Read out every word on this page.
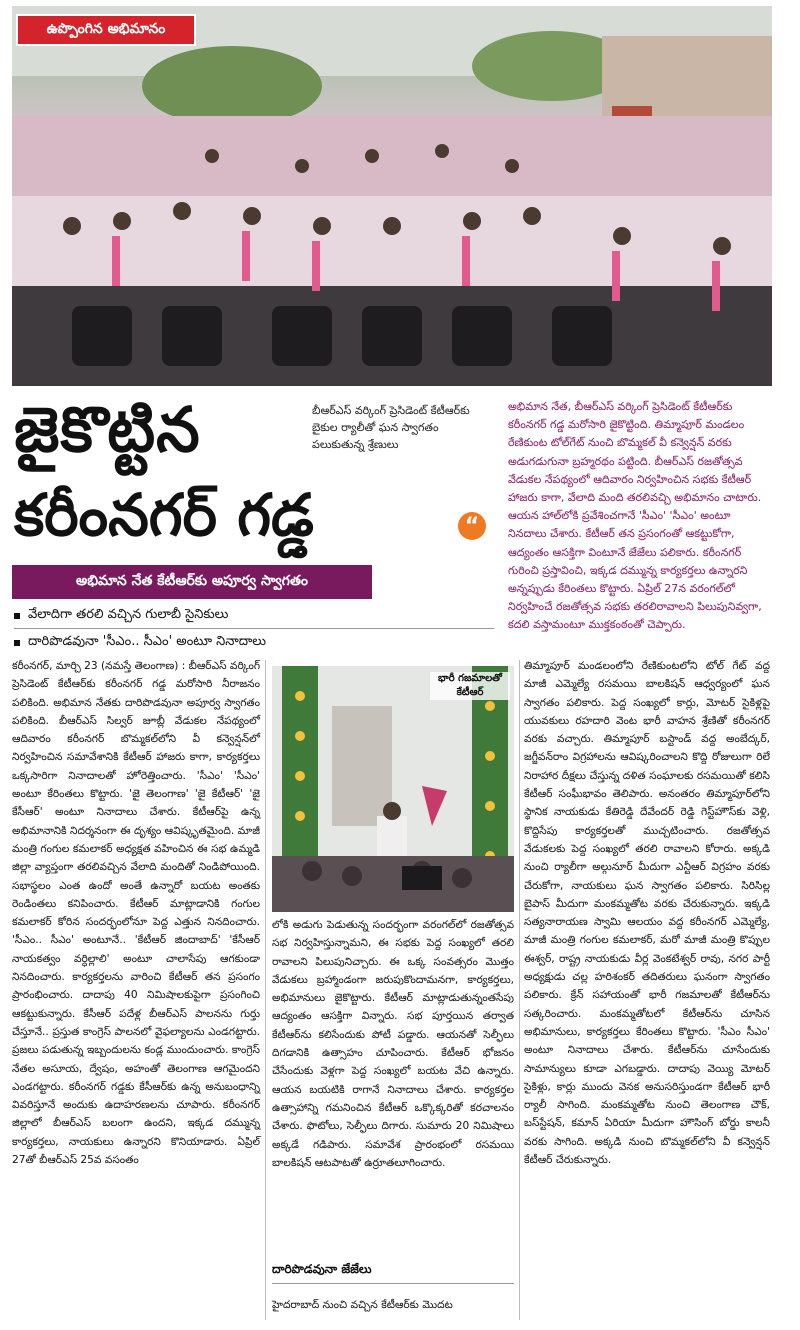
ఉప్పొంగిన అభిమానం
జైకొట్టిన
కరీంనగర్ గడ్డ
బీఆర్ఎస్ వర్కింగ్ ప్రెసిడెంట్ కేటీఆర్‌కు బైకుల ర్యాలీతో ఘన స్వాగతం పలుకుతున్న శ్రేణులు
“
అభిమాన నేత, బీఆర్ఎస్ వర్కింగ్ ప్రెసిడెంట్ కేటీఆర్‌కు కరీంనగర్ గడ్డ మరోసారి జైకొట్టింది. తిమ్మాపూర్ మండలం రేణికుంట టోల్‌గేట్ నుంచి బొమ్మకల్ వీ కన్వెన్షన్ వరకు అడుగడుగునా బ్రహ్మరథం పట్టింది. బీఆర్ఎస్ రజతోత్సవ వేడుకల నేపథ్యంలో ఆదివారం నిర్వహించిన సభకు కేటీఆర్ హాజరు కాగా, వేలాది మంది తరలివచ్చి అభిమానం చాటారు. ఆయన హాల్‌లోకి ప్రవేశించగానే 'సీఎం' 'సీఎం' అంటూ నినదాలు చేశారు. కేటీఆర్ తన ప్రసంగంతో ఆకట్టుకోగా, ఆద్యంతం ఆసక్తిగా వింటూనే జేజేలు పలికారు. కరీంనగర్ గురించి ప్రస్తావించి, ఇక్కడ దమ్మున్న కార్యకర్తలు ఉన్నారని అన్నప్పుడు కేరింతలు కొట్టారు. ఏప్రిల్ 27న వరంగల్‌లో నిర్వహించే రజతోత్సవ సభకు తరలిరావాలని పిలుపునివ్వగా, కదలి వస్తామంటూ ముక్తకంఠంతో చెప్పారు.
అభిమాన నేత కేటీఆర్‌కు అపూర్వ స్వాగతం
వేలాదిగా తరలి వచ్చిన గులాబీ సైనికులు
దారిపొడవునా 'సీఎం.. సీఎం' అంటూ నినాదాలు

కరీంనగర్, మార్చి 23 (నమస్తే తెలంగాణ) : బీఆర్ఎస్ వర్కింగ్ ప్రెసిడెంట్ కేటీఆర్‌కు కరీంనగర్ గడ్డ మరోసారి నీరాజనం పలికింది. అభిమాన నేతకు దారిపొడవునా అపూర్వ స్వాగతం పలికింది. బీఆర్ఎస్ సిల్వర్ జూబ్లీ వేడుకల నేపథ్యంలో ఆదివారం కరీంనగర్ బొమ్మకల్‌లోని వీ కన్వెన్షన్‌లో నిర్వహించిన సమావేశానికి కేటీఆర్ హాజరు కాగా, కార్యకర్తలు ఒక్కసారిగా నినాదాలతో హోరెత్తించారు. 'సీఎం' 'సీఎం' అంటూ కేరింతలు కొట్టారు. 'జై తెలంగాణ' 'జై కేటీఆర్' 'జై కేసీఆర్' అంటూ నినాదాలు చేశారు. కేటీఆర్‌పై ఉన్న అభిమానానికి నిదర్శనంగా ఈ దృశ్యం ఆవిష్కృతమైంది. మాజీ మంత్రి గంగుల కమలాకర్ అధ్యక్షత వహించిన ఈ సభ ఉమ్మడి జిల్లా వ్యాప్తంగా తరలివచ్చిన వేలాది మందితో నిండిపోయింది. సభాస్థలం ఎంత ఉందో అంతే ఉన్నారో బయట అంతకు రెండింతలు కనిపించారు. కేటీఆర్ మాట్లాడానికి గంగుల కమలాకర్ కోరిన సందర్భంలోనూ పెద్ద ఎత్తున నినదించారు. 'సీఎం.. సీఎం' అంటూనే.. 'కేటీఆర్ జిందాబాద్' 'కేసీఆర్ నాయకత్వం వర్ధిల్లాలి' అంటూ చాలాసేపు ఆగకుండా నినదించారు. కార్యకర్తలను వారించి కేటీఆర్ తన ప్రసంగం ప్రారంభించారు. దాదాపు 40 నిమిషాలకుపైగా ప్రసంగించి ఆకట్టుకున్నారు. కేసీఆర్ పదేళ్ల బీఆర్ఎస్ పాలనను గుర్తు చేస్తూనే.. ప్రస్తుత కాంగ్రెస్ పాలనలో వైఫల్యాలను ఎండగట్టారు. ప్రజలు పడుతున్న ఇబ్బందులను కండ్ల ముందుంచారు. కాంగ్రెస్ నేతల అసూయ, ద్వేషం, అహంతో తెలంగాణ ఆగమైందని ఎండగట్టారు. కరీంనగర్ గడ్డకు కేసీఆర్‌కు ఉన్న అనుబంధాన్ని వివరిస్తూనే అందుకు ఉదాహరణలను చూపారు. కరీంనగర్ జిల్లాలో బీఆర్ఎస్ బలంగా ఉందని, ఇక్కడ దమ్మున్న కార్యకర్తలు, నాయకులు ఉన్నారని కొనియాడారు. ఏప్రిల్ 27తో బీఆర్ఎస్ 25వ వసంతం

భారీ గజమాలతో కేటీఆర్

లోకి అడుగు పెడుతున్న సందర్భంగా వరంగల్‌లో రజతోత్సవ సభ నిర్వహిస్తున్నామని, ఈ సభకు పెద్ద సంఖ్యలో తరలి రావాలని పిలుపునిచ్చారు. ఈ ఒక్క సంవత్సరం మొత్తం వేడుకలు బ్రహ్మాండంగా జరుపుకొందామనగా, కార్యకర్తలు, అభిమానులు జైకొట్టారు. కేటీఆర్ మాట్లాడుతున్నంతసేపు ఆద్యంతం ఆసక్తిగా విన్నారు. సభ పూర్తయిన తర్వాత కేటీఆర్‌ను కలిసేందుకు పోటీ పడ్డారు. ఆయనతో సెల్ఫీలు దిగడానికి ఉత్సాహం చూపించారు. కేటీఆర్ భోజనం చేసేందుకు వెళ్లగా పెద్ద సంఖ్యలో బయట వేచి ఉన్నారు. ఆయన బయటికి రాగానే నినాదాలు చేశారు. కార్యకర్తల ఉత్సాహాన్ని గమనించిన కేటీఆర్ ఒక్కొక్కరితో కరచాలనం చేశారు. ఫొటోలు, సెల్ఫీలు దిగారు. సుమారు 20 నిమిషాలు అక్కడే గడిపారు. సమావేశ ప్రారంభంలో రసమయి బాలకిషన్ ఆటపాటతో ఉర్రూతలూగించారు.

దారిపొడవునా జేజేలు

హైదరాబాద్ నుంచి వచ్చిన కేటీఆర్‌కు మొదట

తిమ్మాపూర్ మండలంలోని రేణికుంటలోని టోల్ గేట్ వద్ద మాజీ ఎమ్మెల్యే రసమయి బాలకిషన్ ఆధ్వర్యంలో ఘన స్వాగతం పలికారు. పెద్ద సంఖ్యలో కార్లు, మోటర్ సైకిళ్లపై యువకులు రహదారి వెంట భారీ వాహన శ్రేణితో కరీంనగర్ వరకు వచ్చారు. తిమ్మాపూర్ బస్టాండ్ వద్ద అంబేద్కర్, జగ్జీవన్‌రాం విగ్రహాలను ఆవిష్కరించాలని కొద్ది రోజులుగా రిలే నిరాహార దీక్షలు చేస్తున్న దళిత సంఘాలకు రసమయితో కలిసి కేటీఆర్ సంఘీభావం తెలిపారు. అనంతరం తిమ్మాపూర్‌లోని స్థానిక నాయకుడు కేతిరెడ్డి దేవేందర్ రెడ్డి గెస్ట్‌హౌస్‌కు వెళ్లి, కొద్దిసేపు కార్యకర్తలతో ముచ్చటించారు. రజతోత్సవ వేడుకలకు పెద్ద సంఖ్యలో తరలి రావాలని కోరారు. అక్కడి నుంచి ర్యాలీగా అల్గునూర్ మీదుగా ఎన్టీఆర్ విగ్రహం వరకు చేరుకోగా, నాయకులు ఘన స్వాగతం పలికారు. సిరిసిల్ల బైపాస్ మీదుగా మంకమ్మతోట వరకు చేరుకున్నారు. ఇక్కడి సత్యనారాయణ స్వామి ఆలయం వద్ద కరీంనగర్ ఎమ్మెల్యే, మాజీ మంత్రి గంగుల కమలాకర్, మరో మాజీ మంత్రి కొప్పుల ఈశ్వర్, రాష్ట్ర నాయకుడు వీర్ల వెంకటేశ్వర్ రావు, నగర పార్టీ అధ్యక్షుడు చల్ల హరిశంకర్ తదితరులు ఘనంగా స్వాగతం పలికారు. క్రేన్ సహాయంతో భారీ గజమాలతో కేటీఆర్‌ను సత్కరించారు. మంకమ్మతోటలో కేటీఆర్‌ను చూసిన అభిమానులు, కార్యకర్తలు కేరింతలు కొట్టారు. 'సీఎం సీఎం' అంటూ నినాదాలు చేశారు. కేటీఆర్‌ను చూసేందుకు సామాన్యులు కూడా ఎగబడ్డారు. దాదాపు వెయ్యి మోటర్ సైకిళ్లు, కార్లు ముందు వెనక అనుసరిస్తుండగా కేటీఆర్ భారీ ర్యాలీ సాగింది. మంకమ్మతోట నుంచి తెలంగాణ చౌక్, బస్‌స్టేషన్, కమాన్ ఏరియా మీదుగా హౌసింగ్ బోర్డు కాలనీ వరకు సాగింది. అక్కడి నుంచి బొమ్మకల్‌లోని వీ కన్వెన్షన్ కేటీఆర్ చేరుకున్నారు.
